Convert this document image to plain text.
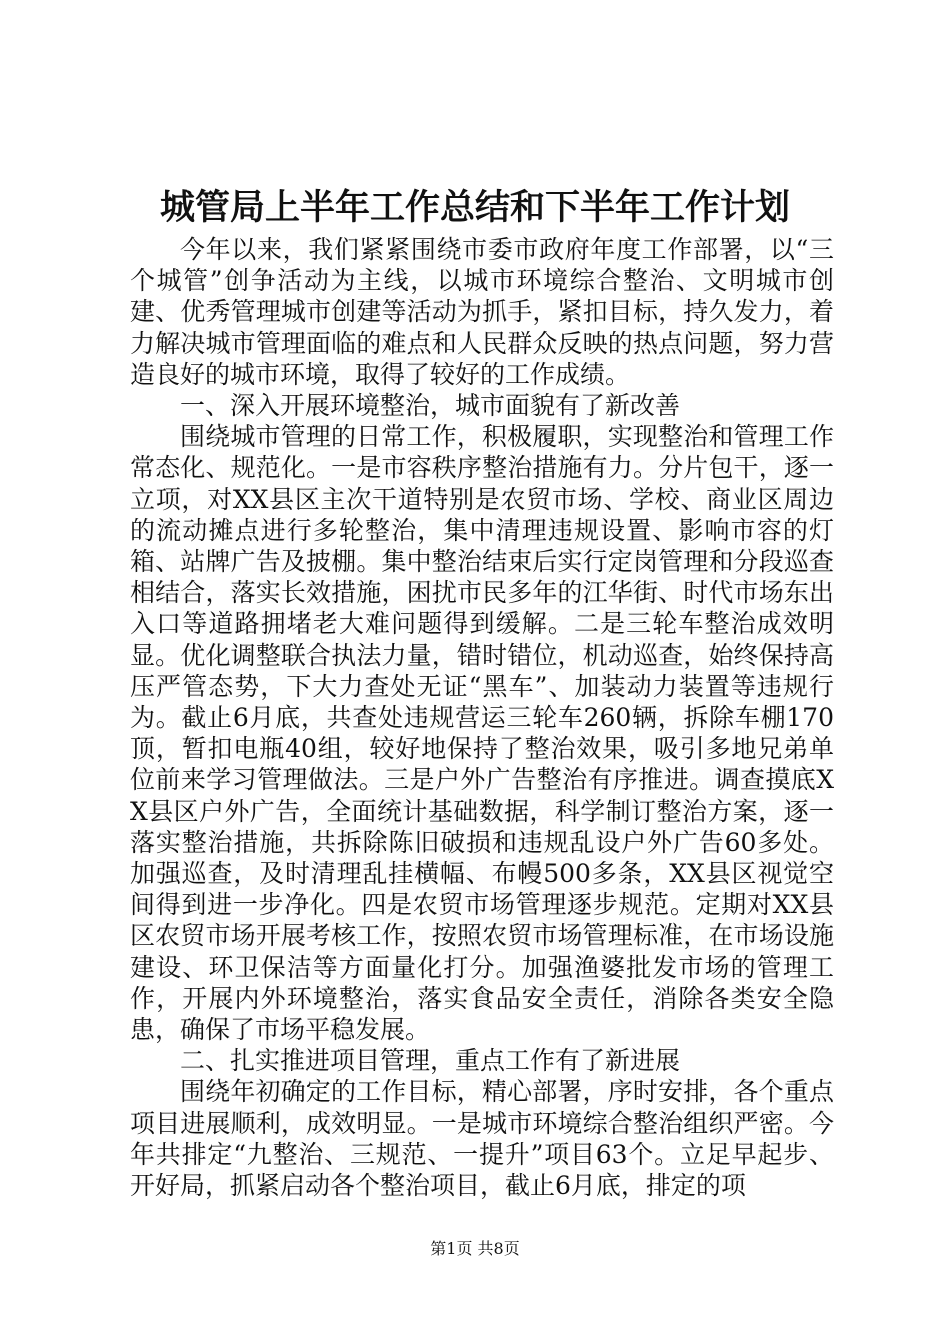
城管局上半年工作总结和下半年工作计划

今年以来，我们紧紧围绕市委市政府年度工作部署，以“三个城管”创争活动为主线，以城市环境综合整治、文明城市创建、优秀管理城市创建等活动为抓手，紧扣目标，持久发力，着力解决城市管理面临的难点和人民群众反映的热点问题，努力营造良好的城市环境，取得了较好的工作成绩。

一、深入开展环境整治，城市面貌有了新改善

围绕城市管理的日常工作，积极履职，实现整治和管理工作常态化、规范化。一是市容秩序整治措施有力。分片包干，逐一立项，对XX县区主次干道特别是农贸市场、学校、商业区周边的流动摊点进行多轮整治，集中清理违规设置、影响市容的灯箱、站牌广告及披棚。集中整治结束后实行定岗管理和分段巡查相结合，落实长效措施，困扰市民多年的江华街、时代市场东出入口等道路拥堵老大难问题得到缓解。二是三轮车整治成效明显。优化调整联合执法力量，错时错位，机动巡查，始终保持高压严管态势，下大力查处无证“黑车”、加装动力装置等违规行为。截止6月底，共查处违规营运三轮车260辆，拆除车棚170顶，暂扣电瓶40组，较好地保持了整治效果，吸引多地兄弟单位前来学习管理做法。三是户外广告整治有序推进。调查摸底XX县区户外广告，全面统计基础数据，科学制订整治方案，逐一落实整治措施，共拆除陈旧破损和违规乱设户外广告60多处。加强巡查，及时清理乱挂横幅、布幔500多条，XX县区视觉空间得到进一步净化。四是农贸市场管理逐步规范。定期对XX县区农贸市场开展考核工作，按照农贸市场管理标准，在市场设施建设、环卫保洁等方面量化打分。加强渔婆批发市场的管理工作，开展内外环境整治，落实食品安全责任，消除各类安全隐患，确保了市场平稳发展。

二、扎实推进项目管理，重点工作有了新进展

围绕年初确定的工作目标，精心部署，序时安排，各个重点项目进展顺利，成效明显。一是城市环境综合整治组织严密。今年共排定“九整治、三规范、一提升”项目63个。立足早起步、开好局，抓紧启动各个整治项目，截止6月底，排定的项

第1页 共8页
